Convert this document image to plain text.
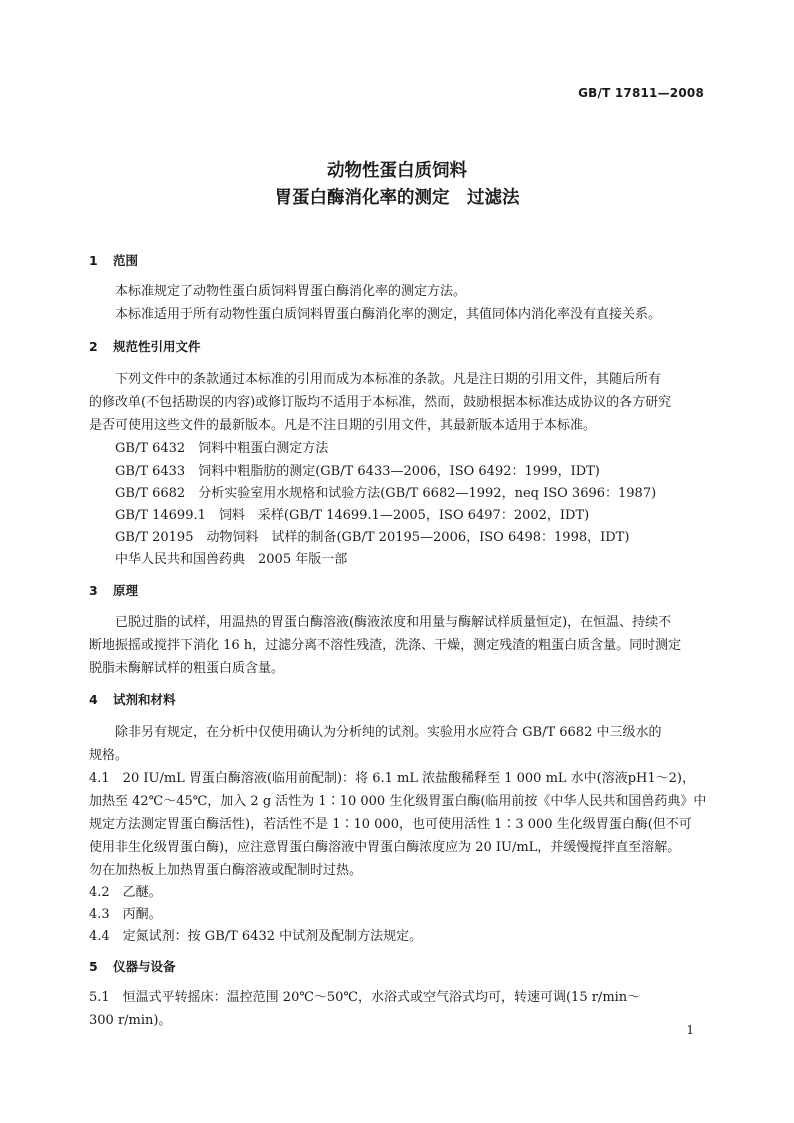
GB/T 17811—2008
动物性蛋白质饲料
胃蛋白酶消化率的测定　过滤法
1 范围
本标准规定了动物性蛋白质饲料胃蛋白酶消化率的测定方法。
本标准适用于所有动物性蛋白质饲料胃蛋白酶消化率的测定，其值同体内消化率没有直接关系。
2 规范性引用文件
下列文件中的条款通过本标准的引用而成为本标准的条款。凡是注日期的引用文件，其随后所有
的修改单(不包括勘误的内容)或修订版均不适用于本标准，然而，鼓励根据本标准达成协议的各方研究
是否可使用这些文件的最新版本。凡是不注日期的引用文件，其最新版本适用于本标准。
GB/T 6432　饲料中粗蛋白测定方法
GB/T 6433　饲料中粗脂肪的测定(GB/T 6433—2006，ISO 6492：1999，IDT)
GB/T 6682　分析实验室用水规格和试验方法(GB/T 6682—1992，neq ISO 3696：1987)
GB/T 14699.1　饲料　采样(GB/T 14699.1—2005，ISO 6497：2002，IDT)
GB/T 20195　动物饲料　试样的制备(GB/T 20195—2006，ISO 6498：1998，IDT)
中华人民共和国兽药典　2005 年版一部
3 原理
已脱过脂的试样，用温热的胃蛋白酶溶液(酶液浓度和用量与酶解试样质量恒定)，在恒温、持续不
断地振摇或搅拌下消化 16 h，过滤分离不溶性残渣，洗涤、干燥，测定残渣的粗蛋白质含量。同时测定
脱脂未酶解试样的粗蛋白质含量。
4 试剂和材料
除非另有规定，在分析中仅使用确认为分析纯的试剂。实验用水应符合 GB/T 6682 中三级水的
规格。
4.1　20 IU/mL 胃蛋白酶溶液(临用前配制)：将 6.1 mL 浓盐酸稀释至 1 000 mL 水中(溶液pH1～2)，
加热至 42℃～45℃，加入 2 g 活性为 1∶10 000 生化级胃蛋白酶(临用前按《中华人民共和国兽药典》中
规定方法测定胃蛋白酶活性)，若活性不是 1∶10 000，也可使用活性 1∶3 000 生化级胃蛋白酶(但不可
使用非生化级胃蛋白酶)，应注意胃蛋白酶溶液中胃蛋白酶浓度应为 20 IU/mL，并缓慢搅拌直至溶解。
勿在加热板上加热胃蛋白酶溶液或配制时过热。
4.2　乙醚。
4.3　丙酮。
4.4　定氮试剂：按 GB/T 6432 中试剂及配制方法规定。
5 仪器与设备
5.1　恒温式平转摇床：温控范围 20℃～50℃，水浴式或空气浴式均可，转速可调(15 r/min～
300 r/min)。
1
